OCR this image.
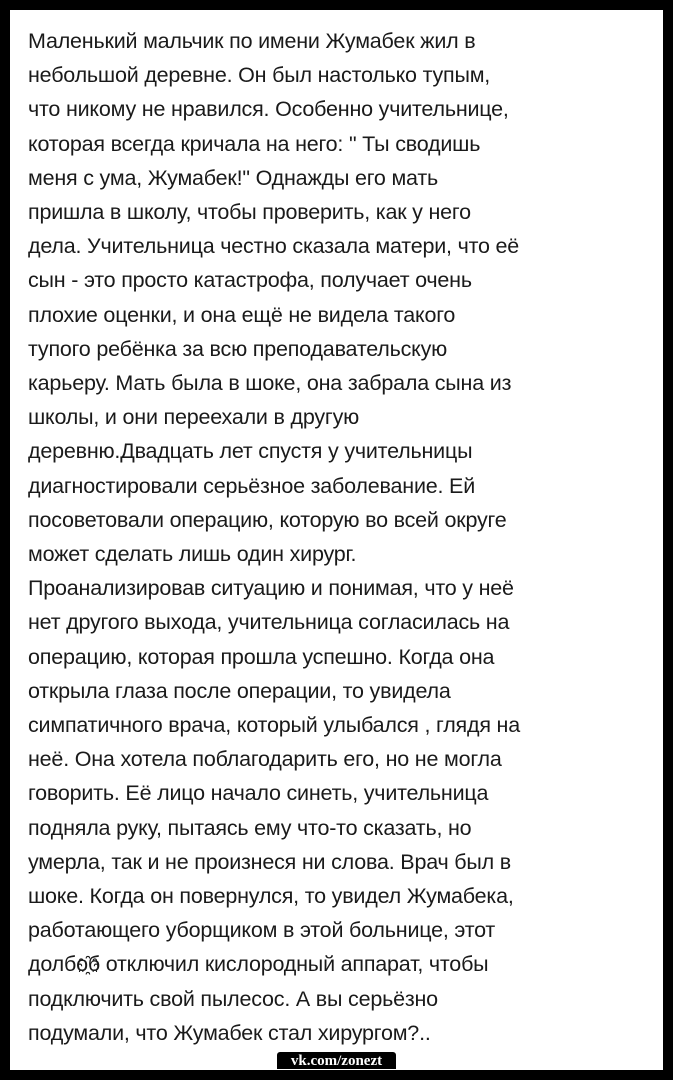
Маленький мальчик по имени Жумабек жил в
небольшой деревне. Он был настолько тупым,
что никому не нравился. Особенно учительнице,
которая всегда кричала на него: " Ты сводишь
меня с ума, Жумабек!" Однажды его мать
пришла в школу, чтобы проверить, как у него
дела. Учительница честно сказала матери, что её
сын - это просто катастрофа, получает очень
плохие оценки, и она ещё не видела такого
тупого ребёнка за всю преподавательскую
карьеру. Мать была в шоке, она забрала сына из
школы, и они переехали в другую
деревню.Двадцать лет спустя у учительницы
диагностировали серьёзное заболевание. Ей
посоветовали операцию, которую во всей округе
может сделать лишь один хирург.
Проанализировав ситуацию и понимая, что у неё
нет другого выхода, учительница согласилась на
операцию, которая прошла успешно. Когда она
открыла глаза после операции, то увидела
симпатичного врача, который улыбался , глядя на
неё. Она хотела поблагодарить его, но не могла
говорить. Её лицо начало синеть, учительница
подняла руку, пытаясь ему что-то сказать, но
умерла, так и не произнеся ни слова. Врач был в
шоке. Когда он повернулся, то увидел Жумабека,
работающего уборщиком в этой больнице, этот
долбо҈б отключил кислородный аппарат, чтобы
подключить свой пылесос. А вы серьёзно
подумали, что Жумабек стал хирургом?..
vk.com/zonezt
